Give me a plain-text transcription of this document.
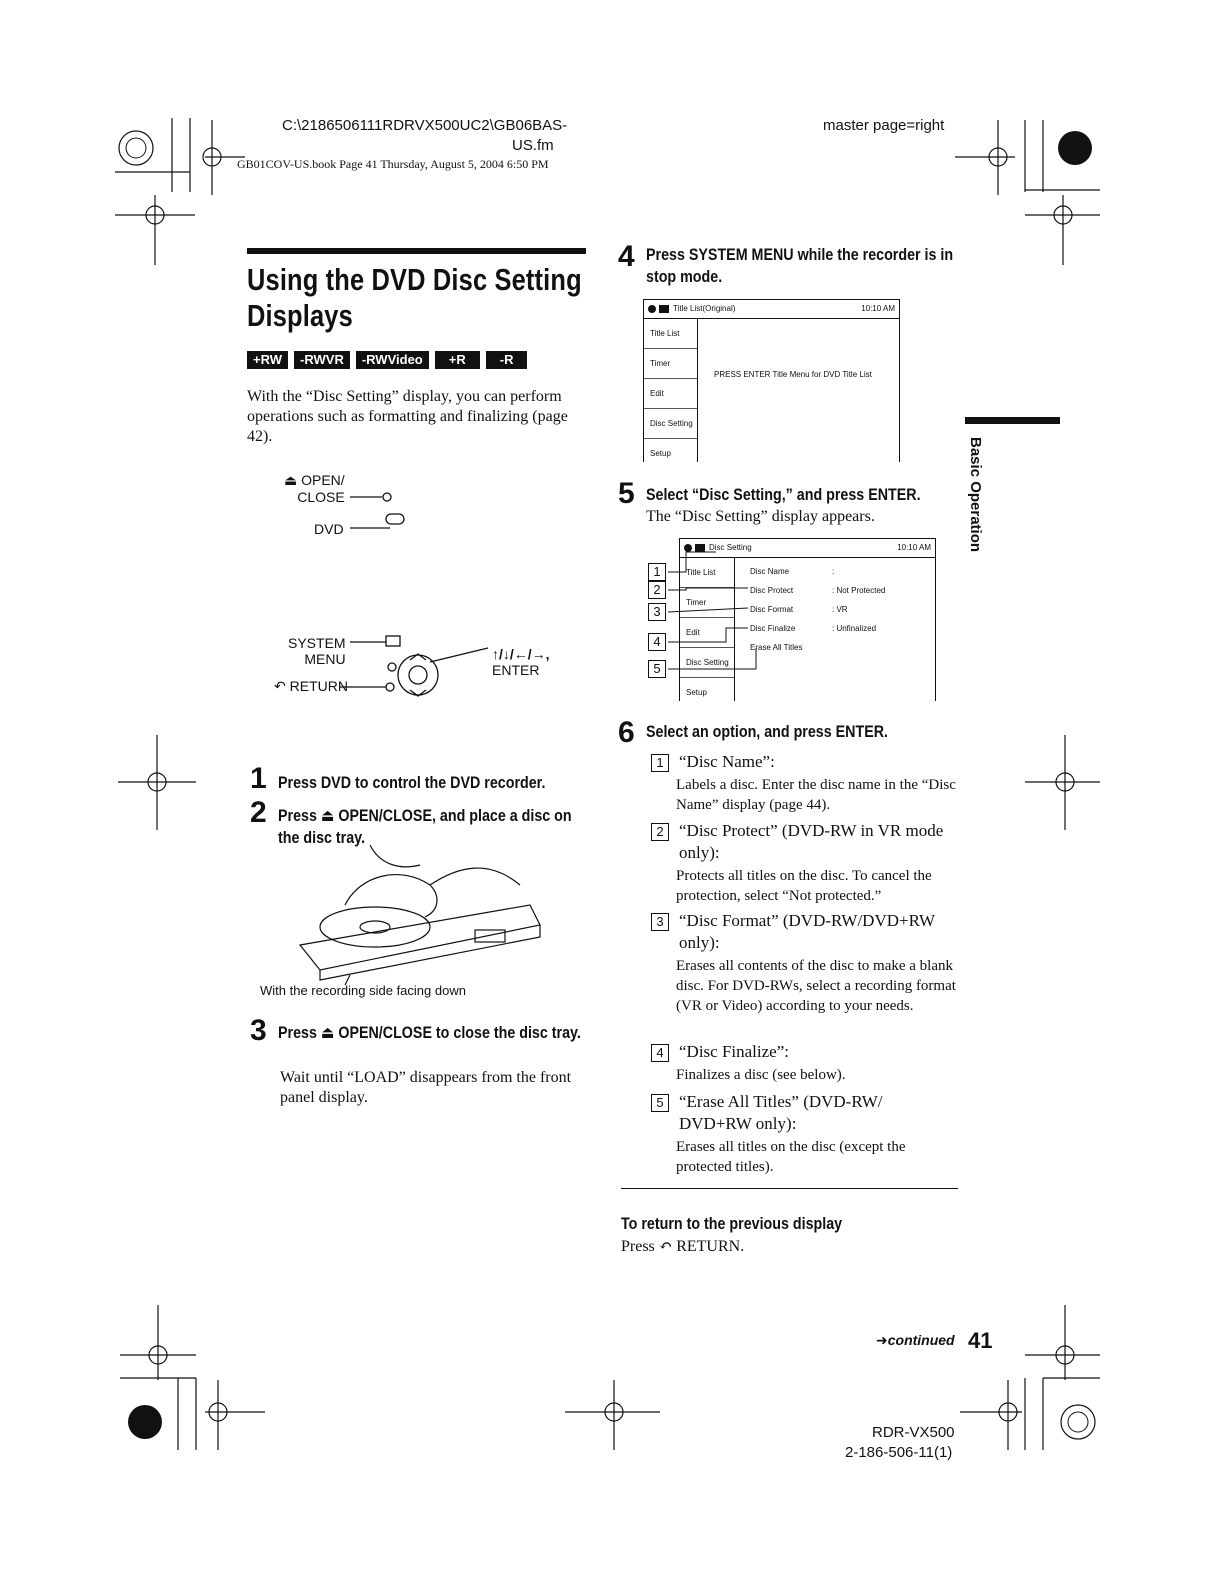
C:\2186506111RDRVX500UC2\GB06BAS-
US.fm
GB01COV-US.book Page 41 Thursday, August 5, 2004 6:50 PM
master page=right
Using the DVD Disc Setting
Displays
+RW -RWVR -RWVideo +R	-R
With the “Disc Setting” display, you can perform operations such as formatting and finalizing (page 42).
⏏ OPEN/
CLOSE
DVD
SYSTEM
MENU
↶ RETURN
↑/↓/←/→,
ENTER
1 Press DVD to control the DVD recorder.
2 Press ⏏ OPEN/CLOSE, and place a disc on the disc tray.
With the recording side facing down
3 Press ⏏ OPEN/CLOSE to close the disc tray.
Wait until “LOAD” disappears from the front panel display.
4 Press SYSTEM MENU while the recorder is in stop mode.
Title List(Original)	10:10 AM
Title List
Timer
Edit
Disc Setting
Setup
PRESS ENTER Title Menu for DVD Title List
5 Select “Disc Setting,” and press ENTER.
The “Disc Setting” display appears.
Disc Setting	10:10 AM
Title List
Timer
Edit
Disc Setting
Setup
Disc Name	:
Disc Protect	: Not Protected
Disc Format	: VR
Disc Finalize	: Unfinalized
Erase All Titles
1
2
3
4
5
6 Select an option, and press ENTER.
1 “Disc Name”:
Labels a disc. Enter the disc name in the “Disc Name” display (page 44).
2 “Disc Protect” (DVD-RW in VR mode only):
Protects all titles on the disc. To cancel the protection, select “Not protected.”
3 “Disc Format” (DVD-RW/DVD+RW only):
Erases all contents of the disc to make a blank disc. For DVD-RWs, select a recording format (VR or Video) according to your needs.
4 “Disc Finalize”:
Finalizes a disc (see below).
5 “Erase All Titles” (DVD-RW/ DVD+RW only):
Erases all titles on the disc (except the protected titles).
To return to the previous display
Press ↶ RETURN.
Basic Operation
➜continued 41
RDR-VX500
2-186-506-11(1)
